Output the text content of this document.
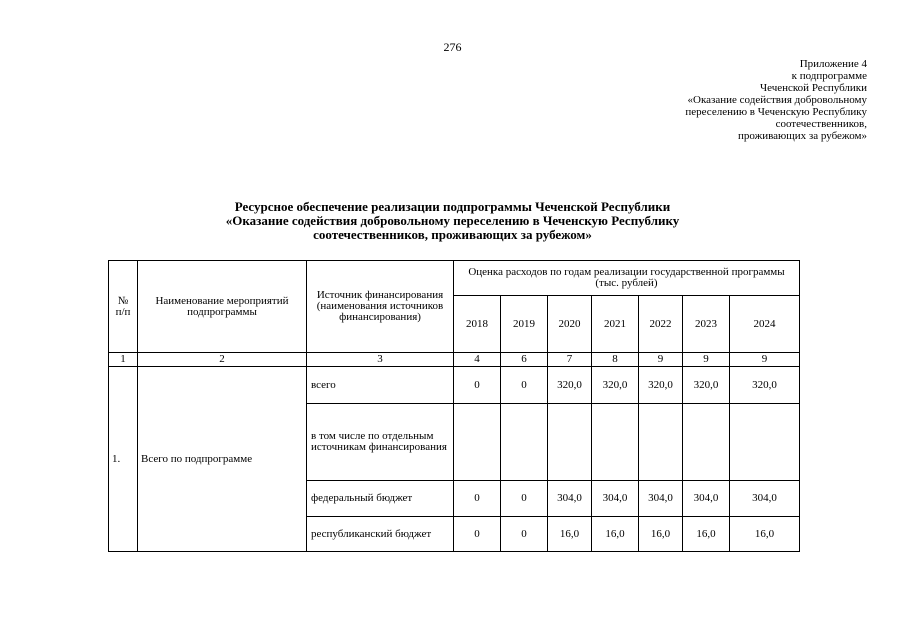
276
Приложение 4
к подпрограмме
Чеченской Республики
«Оказание содействия добровольному
переселению в Чеченскую Республику
соотечественников,
проживающих за рубежом»
Ресурсное обеспечение реализации подпрограммы Чеченской Республики
«Оказание содействия добровольному переселению в Чеченскую Республику
соотечественников, проживающих за рубежом»
№ п/п	Наименование мероприятий подпрограммы	Источник финансирования (наименования источников финансирования)	Оценка расходов по годам реализации государственной программы (тыс. рублей)						
			2018	2019	2020	2021	2022	2023	2024
1	2	3	4	6	7	8	9	9	9
1.	Всего по подпрограмме	всего	0	0	320,0	320,0	320,0	320,0	320,0
		в том числе по отдельным источникам финансирования							
		федеральный бюджет	0	0	304,0	304,0	304,0	304,0	304,0
		республиканский бюджет	0	0	16,0	16,0	16,0	16,0	16,0
